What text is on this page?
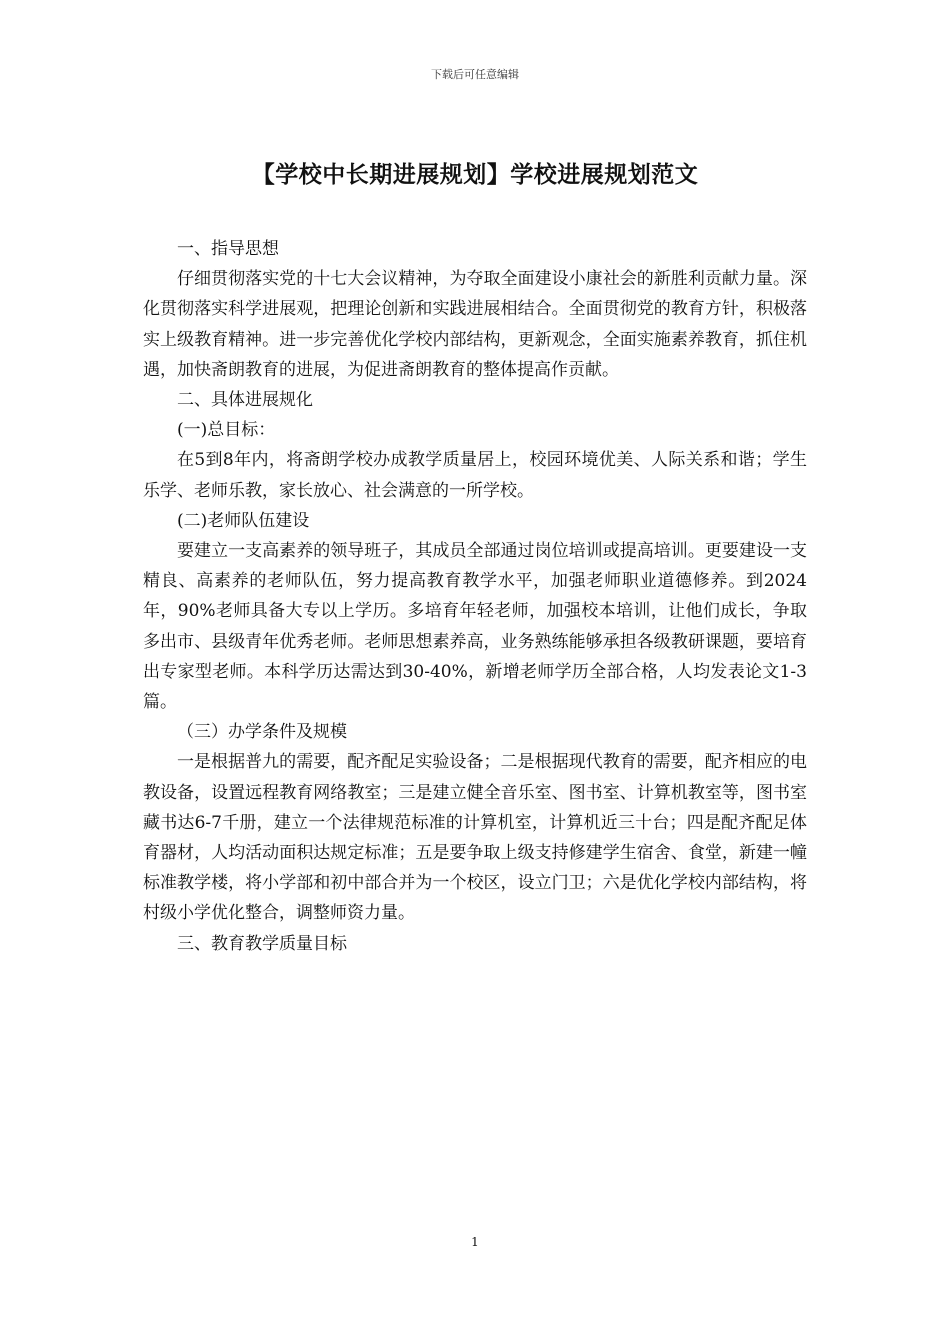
下载后可任意编辑
【学校中长期进展规划】学校进展规划范文

一、指导思想

仔细贯彻落实党的十七大会议精神，为夺取全面建设小康社会的新胜利贡献力量。深化贯彻落实科学进展观，把理论创新和实践进展相结合。全面贯彻党的教育方针，积极落实上级教育精神。进一步完善优化学校内部结构，更新观念，全面实施素养教育，抓住机遇，加快斋朗教育的进展，为促进斋朗教育的整体提高作贡献。

二、具体进展规化

(一)总目标：

在5到8年内，将斋朗学校办成教学质量居上，校园环境优美、人际关系和谐；学生乐学、老师乐教，家长放心、社会满意的一所学校。

(二)老师队伍建设

要建立一支高素养的领导班子，其成员全部通过岗位培训或提高培训。更要建设一支精良、高素养的老师队伍，努力提高教育教学水平，加强老师职业道德修养。到2024年，90%老师具备大专以上学历。多培育年轻老师，加强校本培训，让他们成长，争取多出市、县级青年优秀老师。老师思想素养高，业务熟练能够承担各级教研课题，要培育出专家型老师。本科学历达需达到30-40%，新增老师学历全部合格，人均发表论文1-3篇。

（三）办学条件及规模

一是根据普九的需要，配齐配足实验设备；二是根据现代教育的需要，配齐相应的电教设备，设置远程教育网络教室；三是建立健全音乐室、图书室、计算机教室等，图书室藏书达6-7千册，建立一个法律规范标准的计算机室，计算机近三十台；四是配齐配足体育器材，人均活动面积达规定标准；五是要争取上级支持修建学生宿舍、食堂，新建一幢标准教学楼，将小学部和初中部合并为一个校区，设立门卫；六是优化学校内部结构，将村级小学优化整合，调整师资力量。

三、教育教学质量目标

1
